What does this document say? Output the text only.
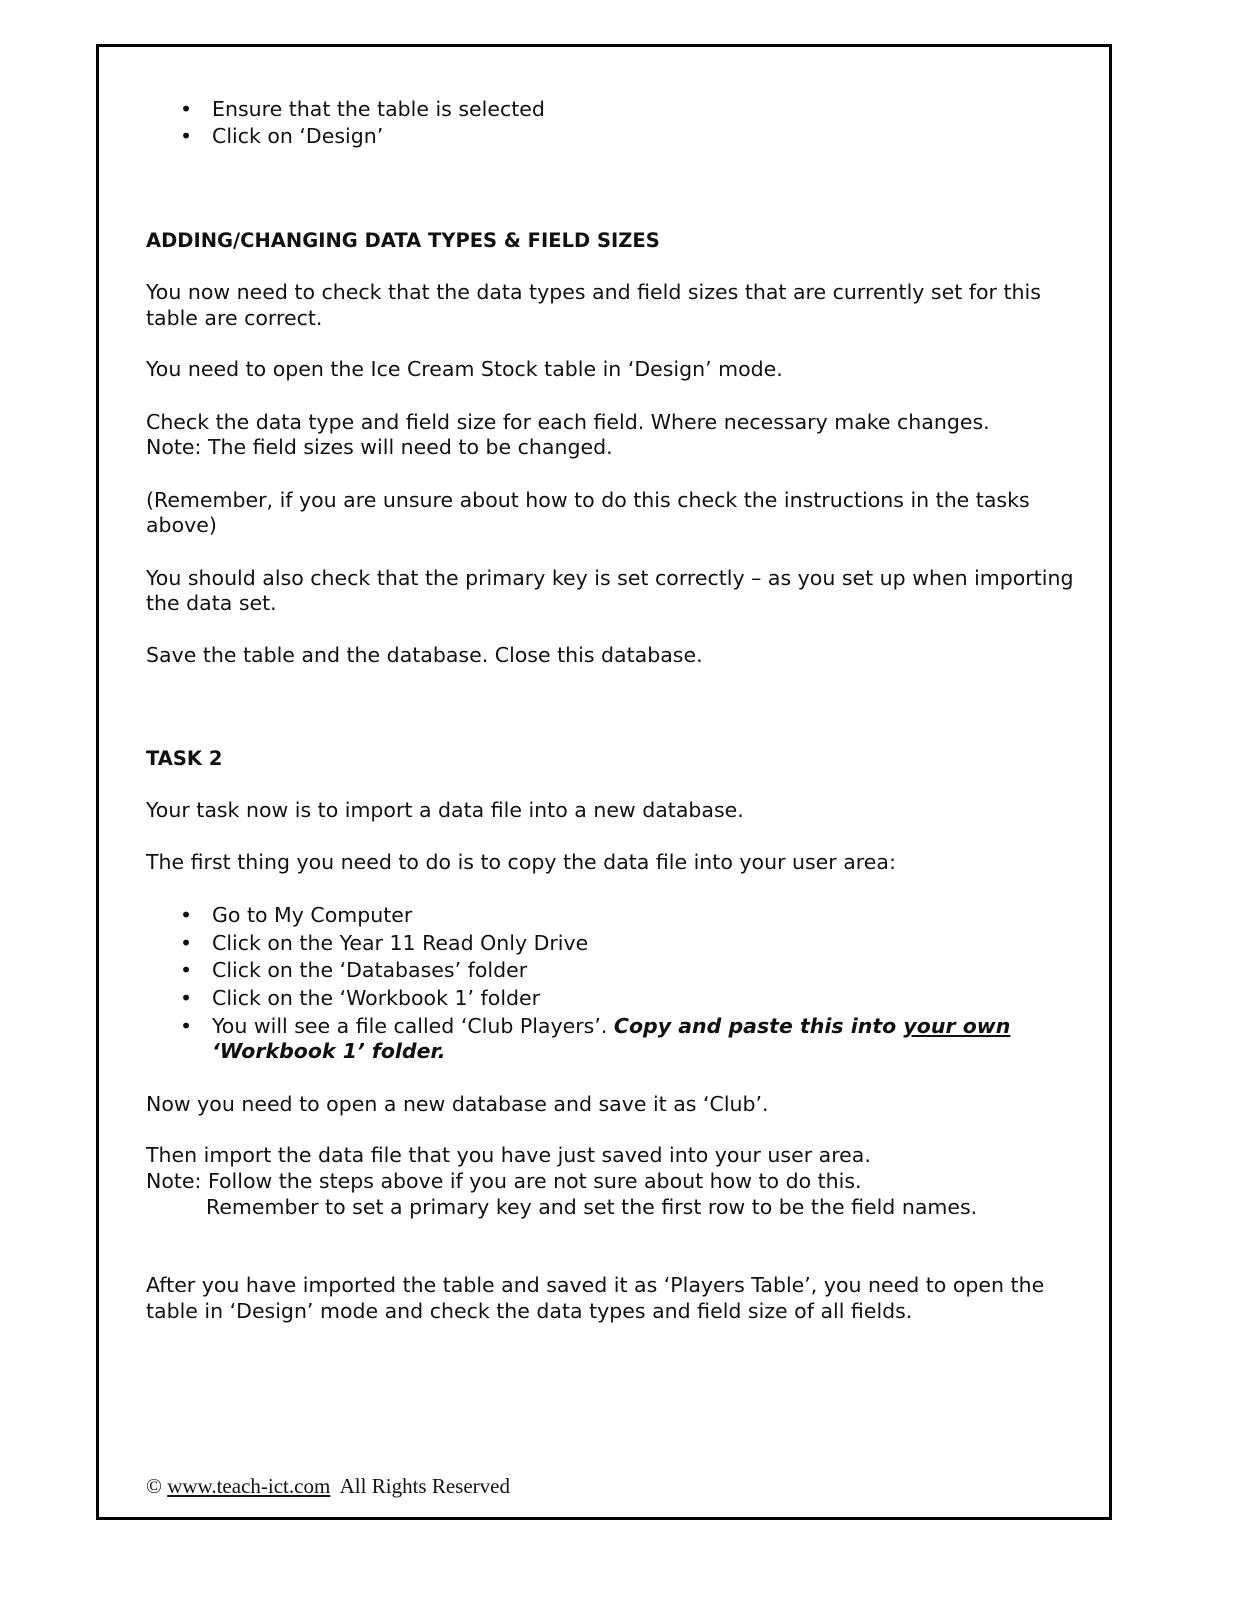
• Ensure that the table is selected
• Click on ‘Design’
ADDING/CHANGING DATA TYPES & FIELD SIZES
You now need to check that the data types and field sizes that are currently set for this
table are correct.
You need to open the Ice Cream Stock table in ‘Design’ mode.
Check the data type and field size for each field. Where necessary make changes.
Note: The field sizes will need to be changed.
(Remember, if you are unsure about how to do this check the instructions in the tasks
above)
You should also check that the primary key is set correctly – as you set up when importing
the data set.
Save the table and the database. Close this database.
TASK 2
Your task now is to import a data file into a new database.
The first thing you need to do is to copy the data file into your user area:
• Go to My Computer
• Click on the Year 11 Read Only Drive
• Click on the ‘Databases’ folder
• Click on the ‘Workbook 1’ folder
• You will see a file called ‘Club Players’. Copy and paste this into your own
‘Workbook 1’ folder.
Now you need to open a new database and save it as ‘Club’.
Then import the data file that you have just saved into your user area.
Note: Follow the steps above if you are not sure about how to do this.
Remember to set a primary key and set the first row to be the field names.
After you have imported the table and saved it as ‘Players Table’, you need to open the
table in ‘Design’ mode and check the data types and field size of all fields.
© www.teach-ict.com All Rights Reserved
